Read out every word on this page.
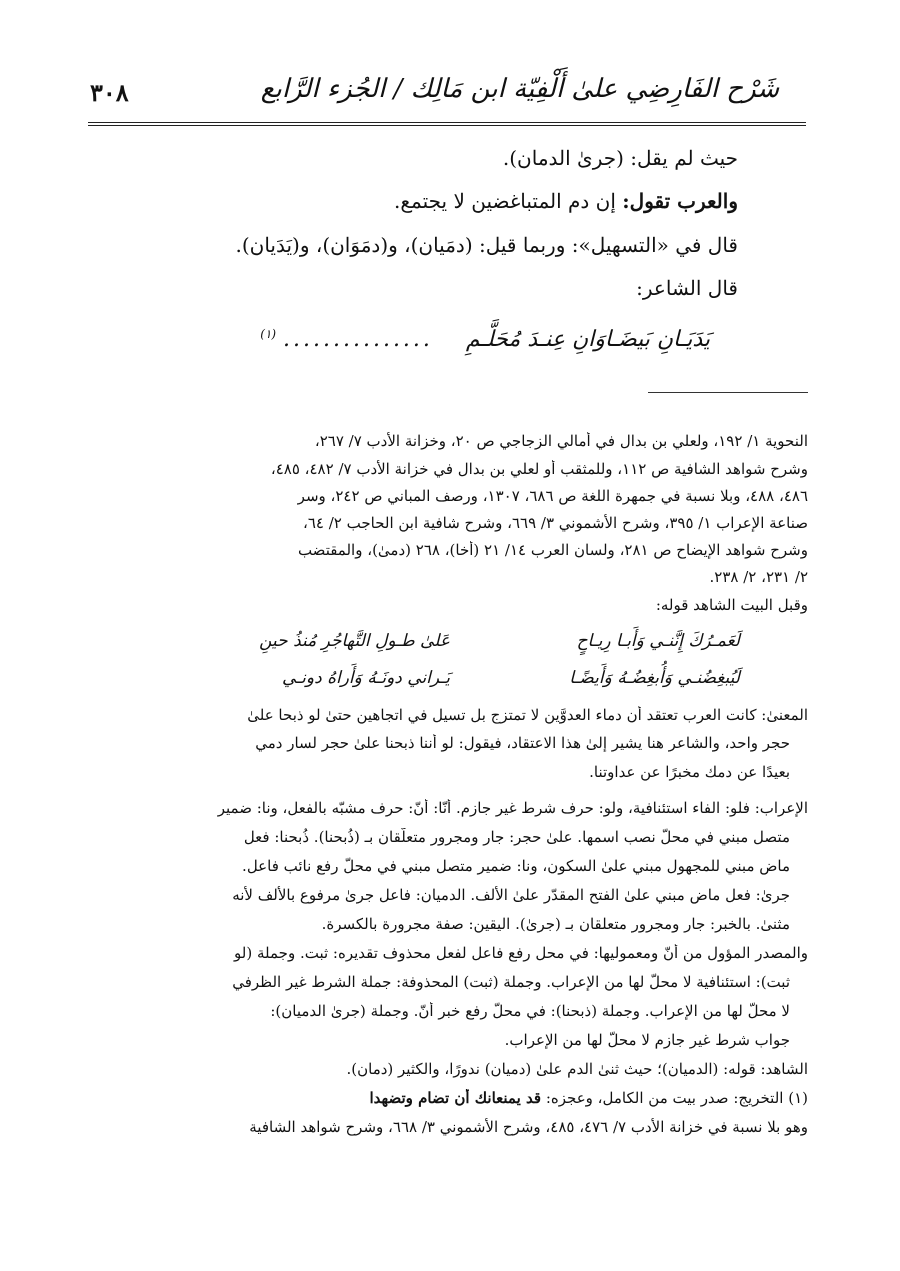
٣٠٨	شَرْح الفَارِضِي علىٰ أَلْفِيّة ابن مَالِك / الجُزء الرَّابع
حيث لم يقل: (جرىٰ الدمان).
والعرب تقول: إن دم المتباغضين لا يجتمع.
قال في «التسهيل»: وربما قيل: (دمَيان)، و(دمَوَان)، و(يَدَيان).
قال الشاعر:
يَدَيَـانِ بَيضَـاوَانِ عِنـدَ مُحَلَّـمِ ............... $^{(١)}$
النحوية ١/ ١٩٢، ولعلي بن بدال في أمالي الزجاجي ص ٢٠، وخزانة الأدب ٧/ ٢٦٧،
وشرح شواهد الشافية ص ١١٢، وللمثقب أو لعلي بن بدال في خزانة الأدب ٧/ ٤٨٢، ٤٨٥،
٤٨٦، ٤٨٨، وبلا نسبة في جمهرة اللغة ص ٦٨٦، ١٣٠٧، ورصف المباني ص ٢٤٢، وسر
صناعة الإعراب ١/ ٣٩٥، وشرح الأشموني ٣/ ٦٦٩، وشرح شافية ابن الحاجب ٢/ ٦٤،
وشرح شواهد الإيضاح ص ٢٨١، ولسان العرب ١٤/ ٢١ (أخا)، ٢٦٨ (دمىٰ)، والمقتضب
٢/ ٢٣١، ٢/ ٢٣٨.
وقبل البيت الشاهد قوله:
لَعَمـرُكَ إِنَّنـي وَأَبـا رِيـاحٍعَلىٰ طـولِ التَّهاجُرِ مُنذُ حينِ
لَيُبغِضُنـي وَأُبغِضُـهُ وَأَيضًـايَـراني دونَـهُ وَأَراهُ دونـي
المعنىٰ: كانت العرب تعتقد أن دماء العدوَّين لا تمتزج بل تسيل في اتجاهين حتىٰ لو ذبحا علىٰ
حجر واحد، والشاعر هنا يشير إلىٰ هذا الاعتقاد، فيقول: لو أننا ذبحنا علىٰ حجر لسار دمي
بعيدًا عن دمك مخبرًا عن عداوتنا.
الإعراب: فلو: الفاء استئنافية، ولو: حرف شرط غير جازم. أنّا: أنّ: حرف مشبّه بالفعل، ونا: ضمير
متصل مبني في محلّ نصب اسمها. علىٰ حجر: جار ومجرور متعلّقان بـ (ذُبحنا). ذُبحنا: فعل
ماضٍ مبني للمجهول مبني علىٰ السكون، ونا: ضمير متصل مبني في محلّ رفع نائب فاعل.
جرىٰ: فعل ماضٍ مبني علىٰ الفتح المقدّر علىٰ الألف. الدميان: فاعل جرىٰ مرفوع بالألف لأنه
مثنىٰ. بالخبر: جار ومجرور متعلقان بـ (جرىٰ). اليقين: صفة مجرورة بالكسرة.
والمصدر المؤول من أنّ ومعموليها: في محل رفع فاعل لفعل محذوف تقديره: ثبت. وجملة (لو
ثبت): استئنافية لا محلّ لها من الإعراب. وجملة (ثبت) المحذوفة: جملة الشرط غير الظرفي
لا محلّ لها من الإعراب. وجملة (ذبحنا): في محلّ رفع خبر أنّ. وجملة (جرىٰ الدميان):
جواب شرط غير جازم لا محلّ لها من الإعراب.
الشاهد: قوله: (الدميان)؛ حيث ثنىٰ الدم علىٰ (دميان) ندورًا، والكثير (دمان).
(١) التخريج: صدر بيت من الكامل، وعجزه: قد يمنعانك أن تضام وتضهدا
وهو بلا نسبة في خزانة الأدب ٧/ ٤٧٦، ٤٨٥، وشرح الأشموني ٣/ ٦٦٨، وشرح شواهد الشافية
